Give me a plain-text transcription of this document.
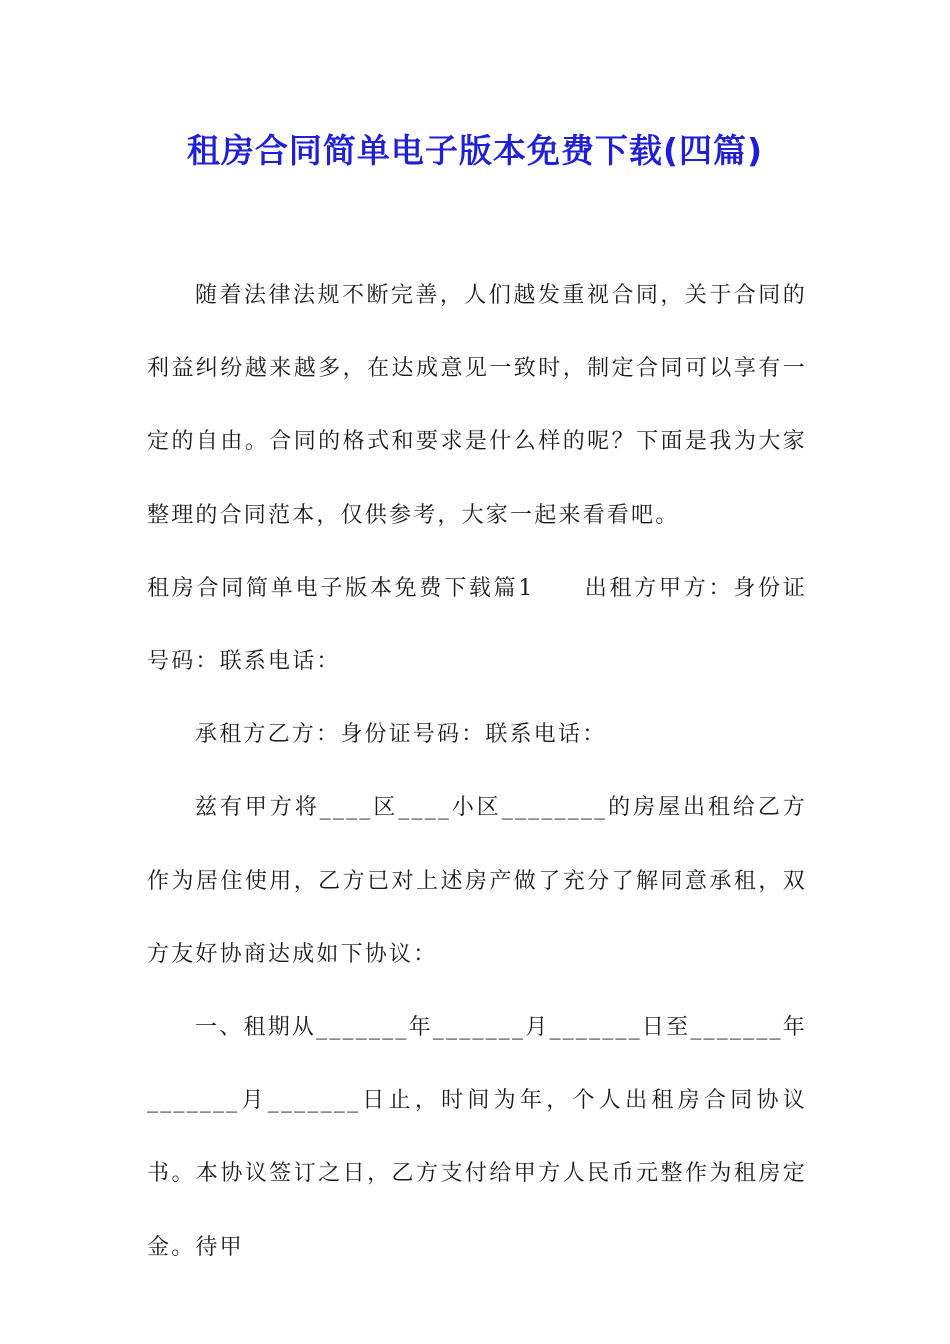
租房合同简单电子版本免费下载(四篇)

随着法律法规不断完善，人们越发重视合同，关于合同的利益纠纷越来越多，在达成意见一致时，制定合同可以享有一定的自由。合同的格式和要求是什么样的呢？下面是我为大家整理的合同范本，仅供参考，大家一起来看看吧。

租房合同简单电子版本免费下载篇1　　出租方甲方：身份证号码：联系电话：

承租方乙方：身份证号码：联系电话：

兹有甲方将____区____小区________的房屋出租给乙方作为居住使用，乙方已对上述房产做了充分了解同意承租，双方友好协商达成如下协议：

一、租期从_______年_______月_______日至_______年_______月_______日止，时间为年，个人出租房合同协议书。本协议签订之日，乙方支付给甲方人民币元整作为租房定金。待甲
